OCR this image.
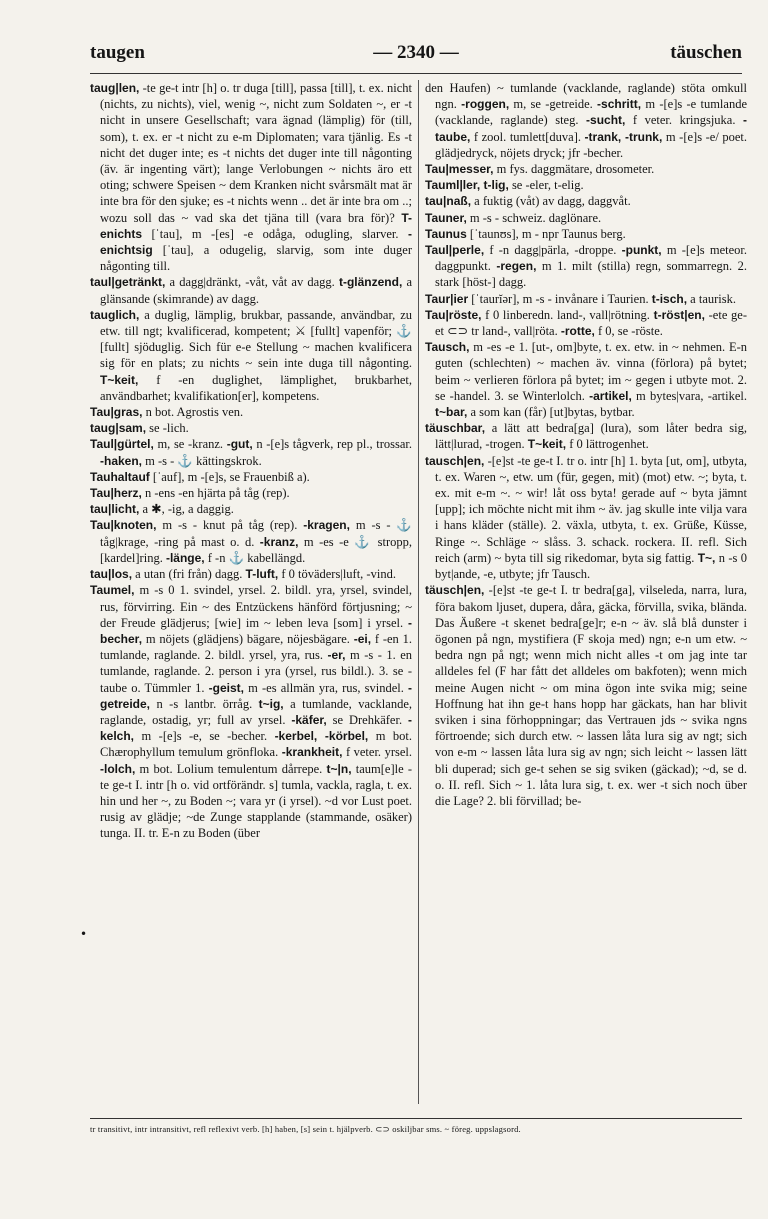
taugen	— 2340 —	täuschen
taug|len, -te ge-t intr [h] o. tr duga [till], passa [till], t. ex. nicht (nichts, zu nichts), viel, wenig ~, nicht zum Soldaten ~, er -t nicht in unsere Gesellschaft; vara ägnad (lämplig) för (till, som), t. ex. er -t nicht zu e-m Diplomaten; vara tjänlig. Es -t nicht det duger inte; es -t nichts det duger inte till någonting (äv. är ingenting värt); lange Verlobungen ~ nichts äro ett oting; schwere Speisen ~ dem Kranken nicht svårsmält mat är inte bra för den sjuke; es -t nichts wenn .. det är inte bra om ..; wozu soll das ~ vad ska det tjäna till (vara bra för)? T-enichts [ˈtau], m -[es] -e odåga, odugling, slarver. -enichtsig [ˈtau], a odugelig, slarvig, som inte duger någonting till.
taul|getränkt, a dagg|dränkt, -våt, våt av dagg. t-glänzend, a glänsande (skimrande) av dagg.
tauglich, a duglig, lämplig, brukbar, passande, användbar, zu etw. till ngt; kvalificerad, kompetent; ⚔ [fullt] vapenför; ⚓ [fullt] sjöduglig. Sich für e-e Stellung ~ machen kvalificera sig för en plats; zu nichts ~ sein inte duga till någonting. T~keit, f -en duglighet, lämplighet, brukbarhet, användbarhet; kvalifikation[er], kompetens.
Tau|gras, n bot. Agrostis ven.
taug|sam, se -lich.
Taul|gürtel, m, se -kranz. -gut, n -[e]s tågverk, rep pl., trossar. -haken, m -s - ⚓ kättingskrok.
Tauhaltauf [ˈauf], m -[e]s, se Frauenbiß a).
Tau|herz, n -ens -en hjärta på tåg (rep).
tau|licht, a ✱, -ig, a daggig.
Tau|knoten, m -s - knut på tåg (rep). -kragen, m -s - ⚓ tåg|krage, -ring på mast o. d. -kranz, m -es -e ⚓ stropp, [kardel]ring. -länge, f -n ⚓ kabellängd.
tau|los, a utan (fri från) dagg. T-luft, f 0 töväders|luft, -vind.
Taumel, m -s 0 1. svindel, yrsel. 2. bildl. yra, yrsel, svindel, rus, förvirring. Ein ~ des Entzückens hänförd förtjusning; ~ der Freude glädjerus; [wie] im ~ leben leva [som] i yrsel. -becher, m nöjets (glädjens) bägare, nöjesbägare. -ei, f -en 1. tumlande, raglande. 2. bildl. yrsel, yra, rus. -er, m -s - 1. en tumlande, raglande. 2. person i yra (yrsel, rus bildl.). 3. se -taube o. Tümmler 1. -geist, m -es allmän yra, rus, svindel. -getreide, n -s lantbr. örråg. t~ig, a tumlande, vacklande, raglande, ostadig, yr; full av yrsel. -käfer, se Drehkäfer. -kelch, m -[e]s -e, se -becher. -kerbel, -körbel, m bot. Chærophyllum temulum grönfloka. -krankheit, f veter. yrsel. -lolch, m bot. Lolium temulentum dårrepe. t~|n, taum[e]le -te ge-t I. intr [h o. vid ortförändr. s] tumla, vackla, ragla, t. ex. hin und her ~, zu Boden ~; vara yr (i yrsel). ~d vor Lust poet. rusig av glädje; ~de Zunge stapplande (stammande, osäker) tunga. II. tr. E-n zu Boden (über
den Haufen) ~ tumlande (vacklande, raglande) stöta omkull ngn. -roggen, m, se -getreide. -schritt, m -[e]s -e tumlande (vacklande, raglande) steg. -sucht, f veter. kringsjuka. -taube, f zool. tumlett[duva]. -trank, -trunk, m -[e]s -e/ poet. glädjedryck, nöjets dryck; jfr -becher.
Tau|messer, m fys. daggmätare, drosometer.
Tauml|ler, t-lig, se -eler, t-elig.
tau|naß, a fuktig (våt) av dagg, daggvåt.
Tauner, m -s - schweiz. daglönare.
Taunus [ˈtaunʊs], m - npr Taunus berg.
Taul|perle, f -n dagg|pärla, -droppe. -punkt, m -[e]s meteor. daggpunkt. -regen, m 1. milt (stilla) regn, sommarregn. 2. stark [höst-] dagg.
Taur|ier [ˈtaurĭər], m -s - invånare i Taurien. t-isch, a taurisk.
Tau|röste, f 0 linberedn. land-, vall|rötning. t-röst|en, -ete ge-et ⊂⊃ tr land-, vall|röta. -rotte, f 0, se -röste.
Tausch, m -es -e 1. [ut-, om]byte, t. ex. etw. in ~ nehmen. E-n guten (schlechten) ~ machen äv. vinna (förlora) på bytet; beim ~ verlieren förlora på bytet; im ~ gegen i utbyte mot. 2. se -handel. 3. se Winterlolch. -artikel, m bytes|vara, -artikel. t~bar, a som kan (får) [ut]bytas, bytbar.
täuschbar, a lätt att bedra[ga] (lura), som låter bedra sig, lätt|lurad, -trogen. T~keit, f 0 lättrogenhet.
tausch|en, -[e]st -te ge-t I. tr o. intr [h] 1. byta [ut, om], utbyta, t. ex. Waren ~, etw. um (für, gegen, mit) (mot) etw. ~; byta, t. ex. mit e-m ~. ~ wir! låt oss byta! gerade auf ~ byta jämnt [upp]; ich möchte nicht mit ihm ~ äv. jag skulle inte vilja vara i hans kläder (ställe). 2. växla, utbyta, t. ex. Grüße, Küsse, Ringe ~. Schläge ~ slåss. 3. schack. rockera. II. refl. Sich reich (arm) ~ byta till sig rikedomar, byta sig fattig. T~, n -s 0 byt|ande, -e, utbyte; jfr Tausch.
täusch|en, -[e]st -te ge-t I. tr bedra[ga], vilseleda, narra, lura, föra bakom ljuset, dupera, dåra, gäcka, förvilla, svika, blända. Das Äußere -t skenet bedra[ge]r; e-n ~ äv. slå blå dunster i ögonen på ngn, mystifiera (F skoja med) ngn; e-n um etw. ~ bedra ngn på ngt; wenn mich nicht alles -t om jag inte tar alldeles fel (F har fått det alldeles om bakfoten); wenn mich meine Augen nicht ~ om mina ögon inte svika mig; seine Hoffnung hat ihn ge-t hans hopp har gäckats, han har blivit sviken i sina förhoppningar; das Vertrauen jds ~ svika ngns förtroende; sich durch etw. ~ lassen låta lura sig av ngt; sich von e-m ~ lassen låta lura sig av ngn; sich leicht ~ lassen lätt bli duperad; sich ge-t sehen se sig sviken (gäckad); ~d, se d. o. II. refl. Sich ~ 1. låta lura sig, t. ex. wer -t sich noch über die Lage? 2. bli förvillad; be-
•
tr transitivt, intr intransitivt, refl reflexivt verb. [h] haben, [s] sein t. hjälpverb. ⊂⊃ oskiljbar sms. ~ föreg. uppslagsord.
